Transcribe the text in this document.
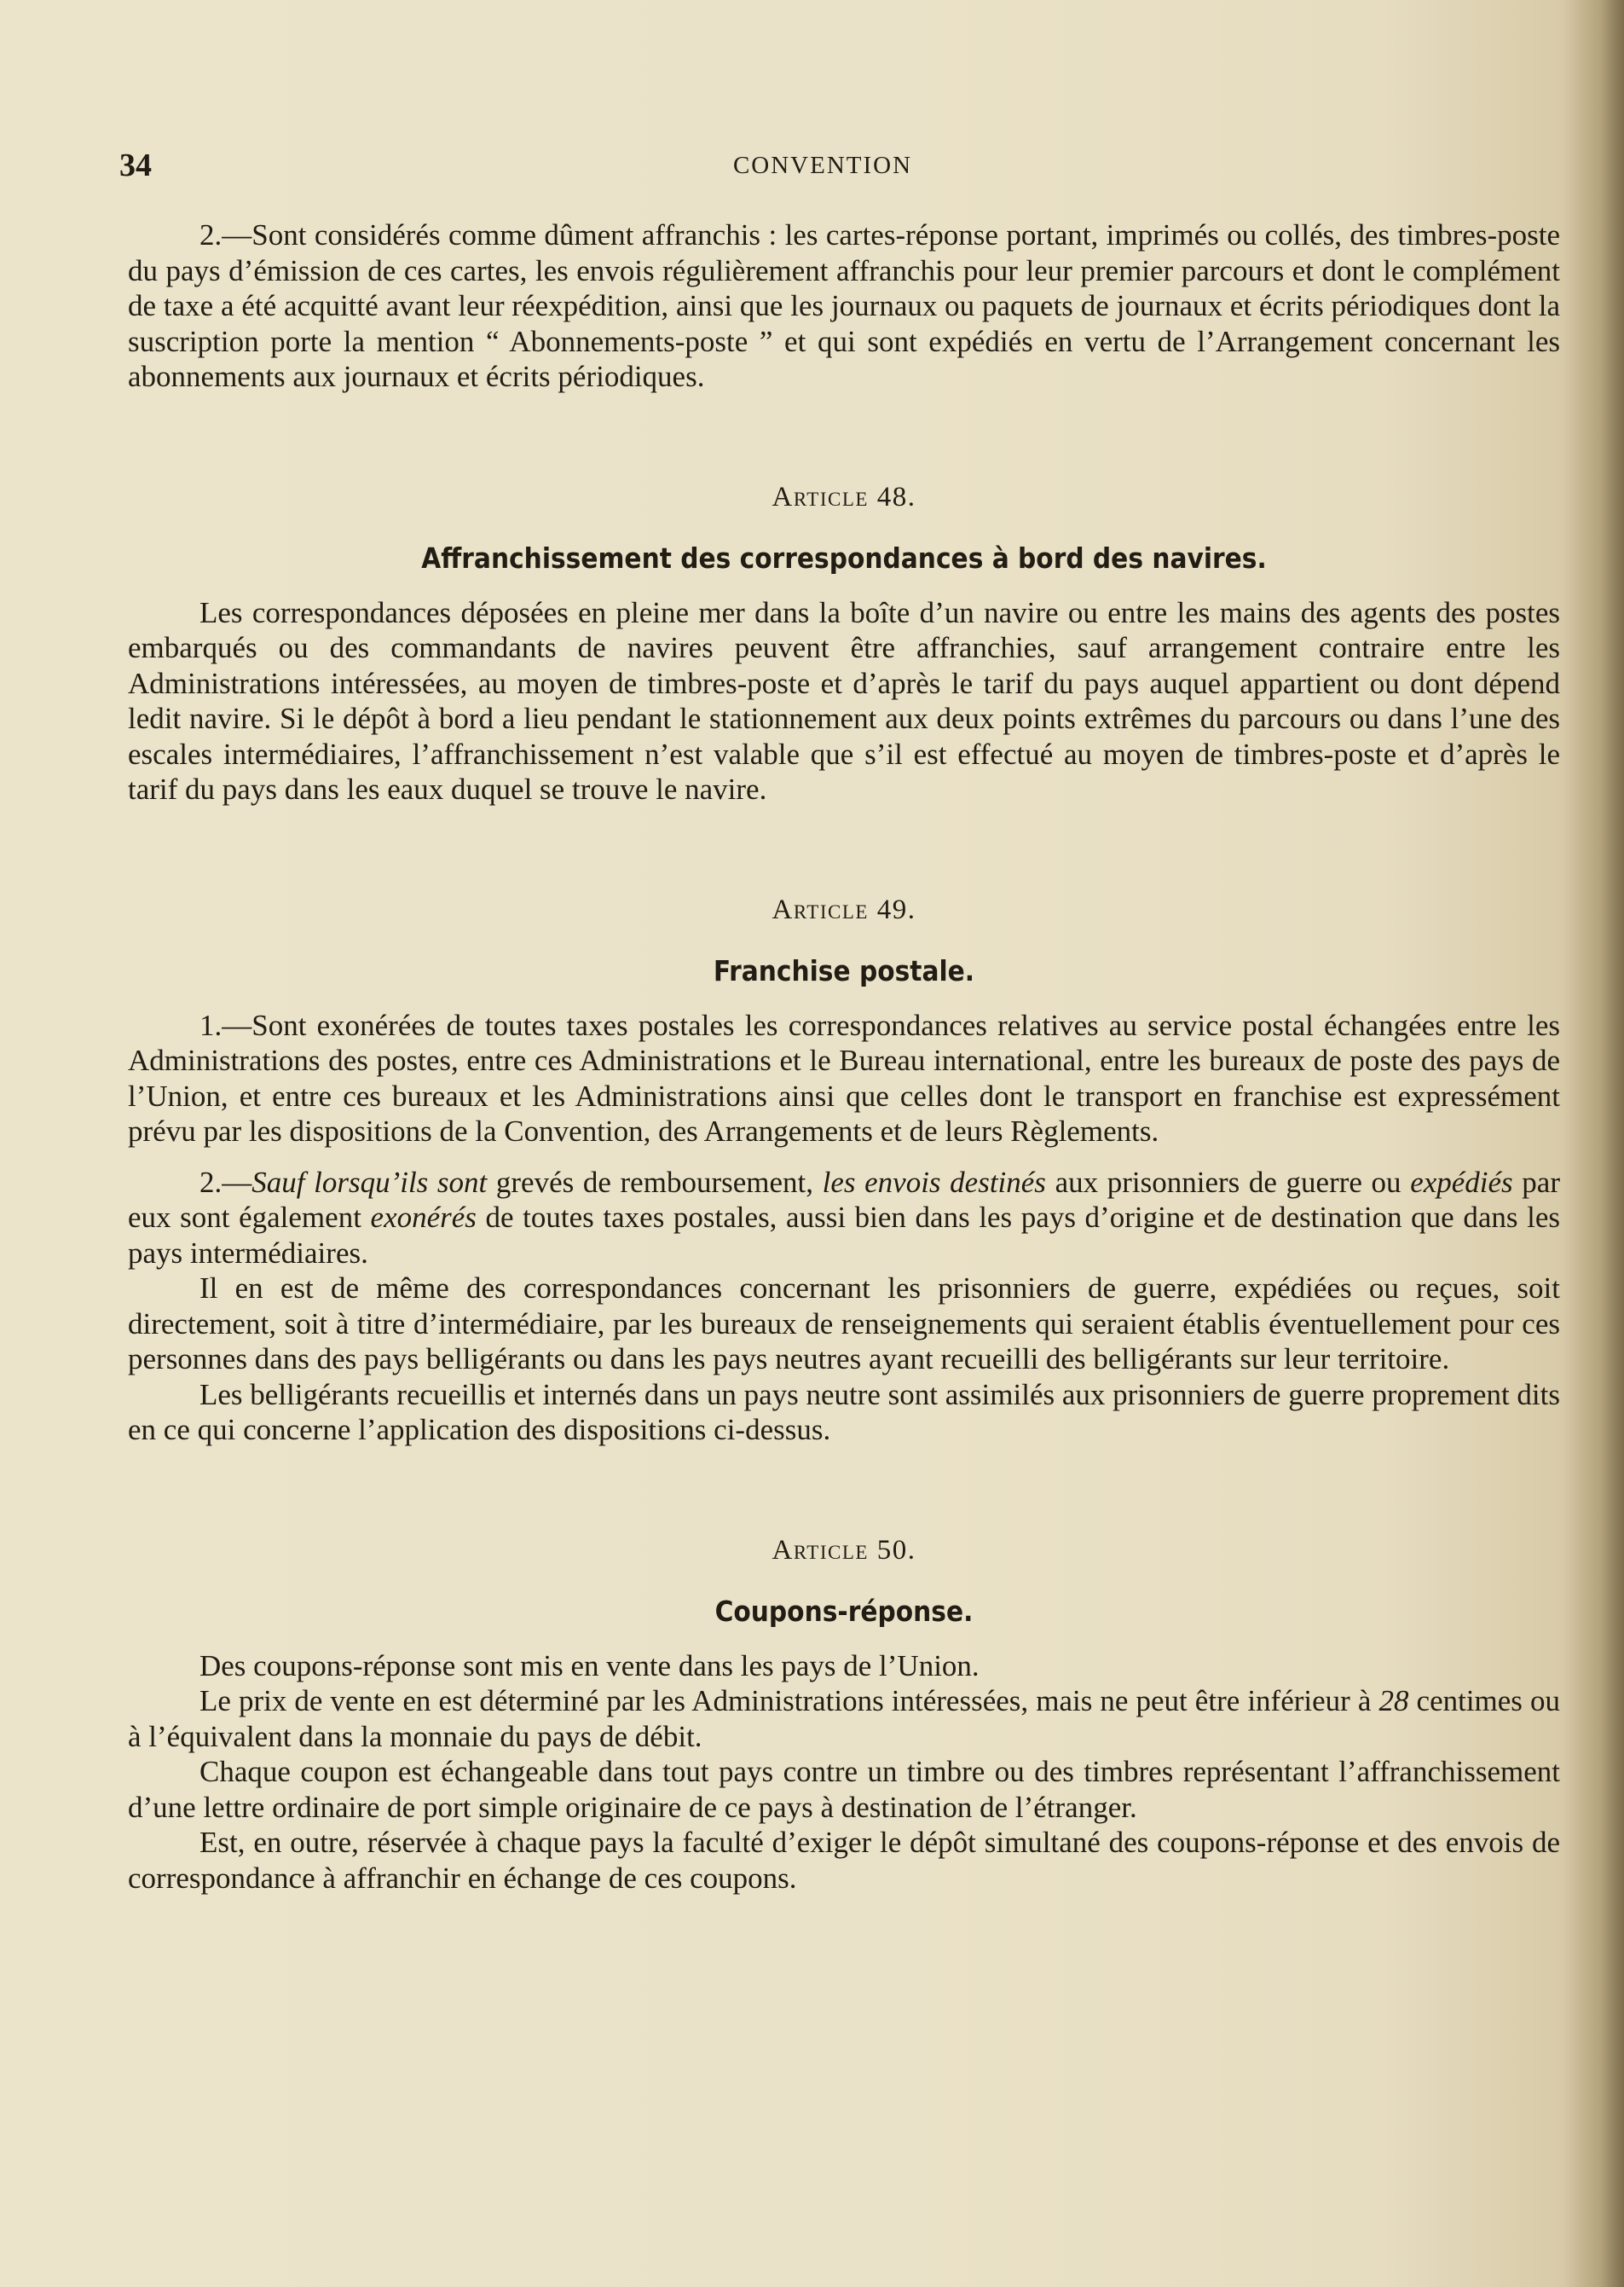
34	CONVENTION

2.—Sont considérés comme dûment affranchis : les cartes-réponse portant, imprimés ou collés, des timbres-poste du pays d’émission de ces cartes, les envois régulièrement affranchis pour leur premier parcours et dont le complément de taxe a été acquitté avant leur réexpédition, ainsi que les journaux ou paquets de journaux et écrits périodiques dont la suscription porte la mention “ Abonnements-poste ” et qui sont expédiés en vertu de l’Arrangement concernant les abonnements aux journaux et écrits périodiques.

Article 48.
Affranchissement des correspondances à bord des navires.

Les correspondances déposées en pleine mer dans la boîte d’un navire ou entre les mains des agents des postes embarqués ou des commandants de navires peuvent être affranchies, sauf arrangement contraire entre les Administrations intéressées, au moyen de timbres-poste et d’après le tarif du pays auquel appartient ou dont dépend ledit navire. Si le dépôt à bord a lieu pendant le stationnement aux deux points extrêmes du parcours ou dans l’une des escales intermédiaires, l’affranchissement n’est valable que s’il est effectué au moyen de timbres-poste et d’après le tarif du pays dans les eaux duquel se trouve le navire.

Article 49.
Franchise postale.

1.—Sont exonérées de toutes taxes postales les correspondances relatives au service postal échangées entre les Administrations des postes, entre ces Administrations et le Bureau international, entre les bureaux de poste des pays de l’Union, et entre ces bureaux et les Administrations ainsi que celles dont le transport en franchise est expressément prévu par les dispositions de la Convention, des Arrangements et de leurs Règlements.

2.—Sauf lorsqu’ils sont grevés de remboursement, les envois destinés aux prisonniers de guerre ou expédiés par eux sont également exonérés de toutes taxes postales, aussi bien dans les pays d’origine et de destination que dans les pays intermédiaires.

Il en est de même des correspondances concernant les prisonniers de guerre, expédiées ou reçues, soit directement, soit à titre d’intermédiaire, par les bureaux de renseignements qui seraient établis éventuellement pour ces personnes dans des pays belligérants ou dans les pays neutres ayant recueilli des belligérants sur leur territoire.

Les belligérants recueillis et internés dans un pays neutre sont assimilés aux prisonniers de guerre proprement dits en ce qui concerne l’application des dispositions ci-dessus.

Article 50.
Coupons-réponse.

Des coupons-réponse sont mis en vente dans les pays de l’Union.

Le prix de vente en est déterminé par les Administrations intéressées, mais ne peut être inférieur à 28 centimes ou à l’équivalent dans la monnaie du pays de débit.

Chaque coupon est échangeable dans tout pays contre un timbre ou des timbres représentant l’affranchissement d’une lettre ordinaire de port simple originaire de ce pays à destination de l’étranger.

Est, en outre, réservée à chaque pays la faculté d’exiger le dépôt simultané des coupons-réponse et des envois de correspondance à affranchir en échange de ces coupons.
